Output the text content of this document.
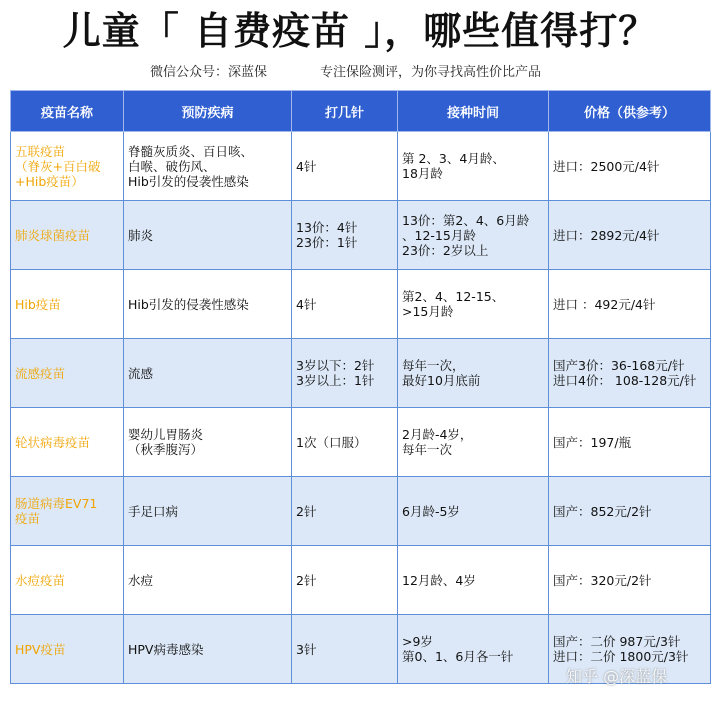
儿童「 自费疫苗 」，哪些值得打？
微信公众号：深蓝保	专注保险测评，为你寻找高性价比产品
疫苗名称	预防疾病	打几针	接种时间	价格（供参考）

五联疫苗
（脊灰+百白破
+Hib疫苗）	脊髓灰质炎、百日咳、
白喉、破伤风、
Hib引发的侵袭性感染	4针	第 2、3、4月龄、
18月龄	进口：2500元/4针

肺炎球菌疫苗	肺炎	13价：4针
23价：1针	13价：第2、4、6月龄
、12-15月龄
23价：2岁以上	进口：2892元/4针

Hib疫苗	Hib引发的侵袭性感染	4针	第2、4、12-15、
>15月龄	进口 ：492元/4针

流感疫苗	流感	3岁以下：2针
3岁以上：1针	每年一次，
最好10月底前	国产3价：36-168元/针
进口4价： 108-128元/针

轮状病毒疫苗	婴幼儿胃肠炎
（秋季腹泻）	1次（口服）	2月龄-4岁，
每年一次	国产：197/瓶

肠道病毒EV71
疫苗	手足口病	2针	6月龄-5岁	国产：852元/2针

水痘疫苗	水痘	2针	12月龄、4岁	国产：320元/2针

HPV疫苗	HPV病毒感染	3针	>9岁
第0、1、6月各一针	国产：二价 987元/3针
进口：二价 1800元/3针
知乎 @深蓝保
